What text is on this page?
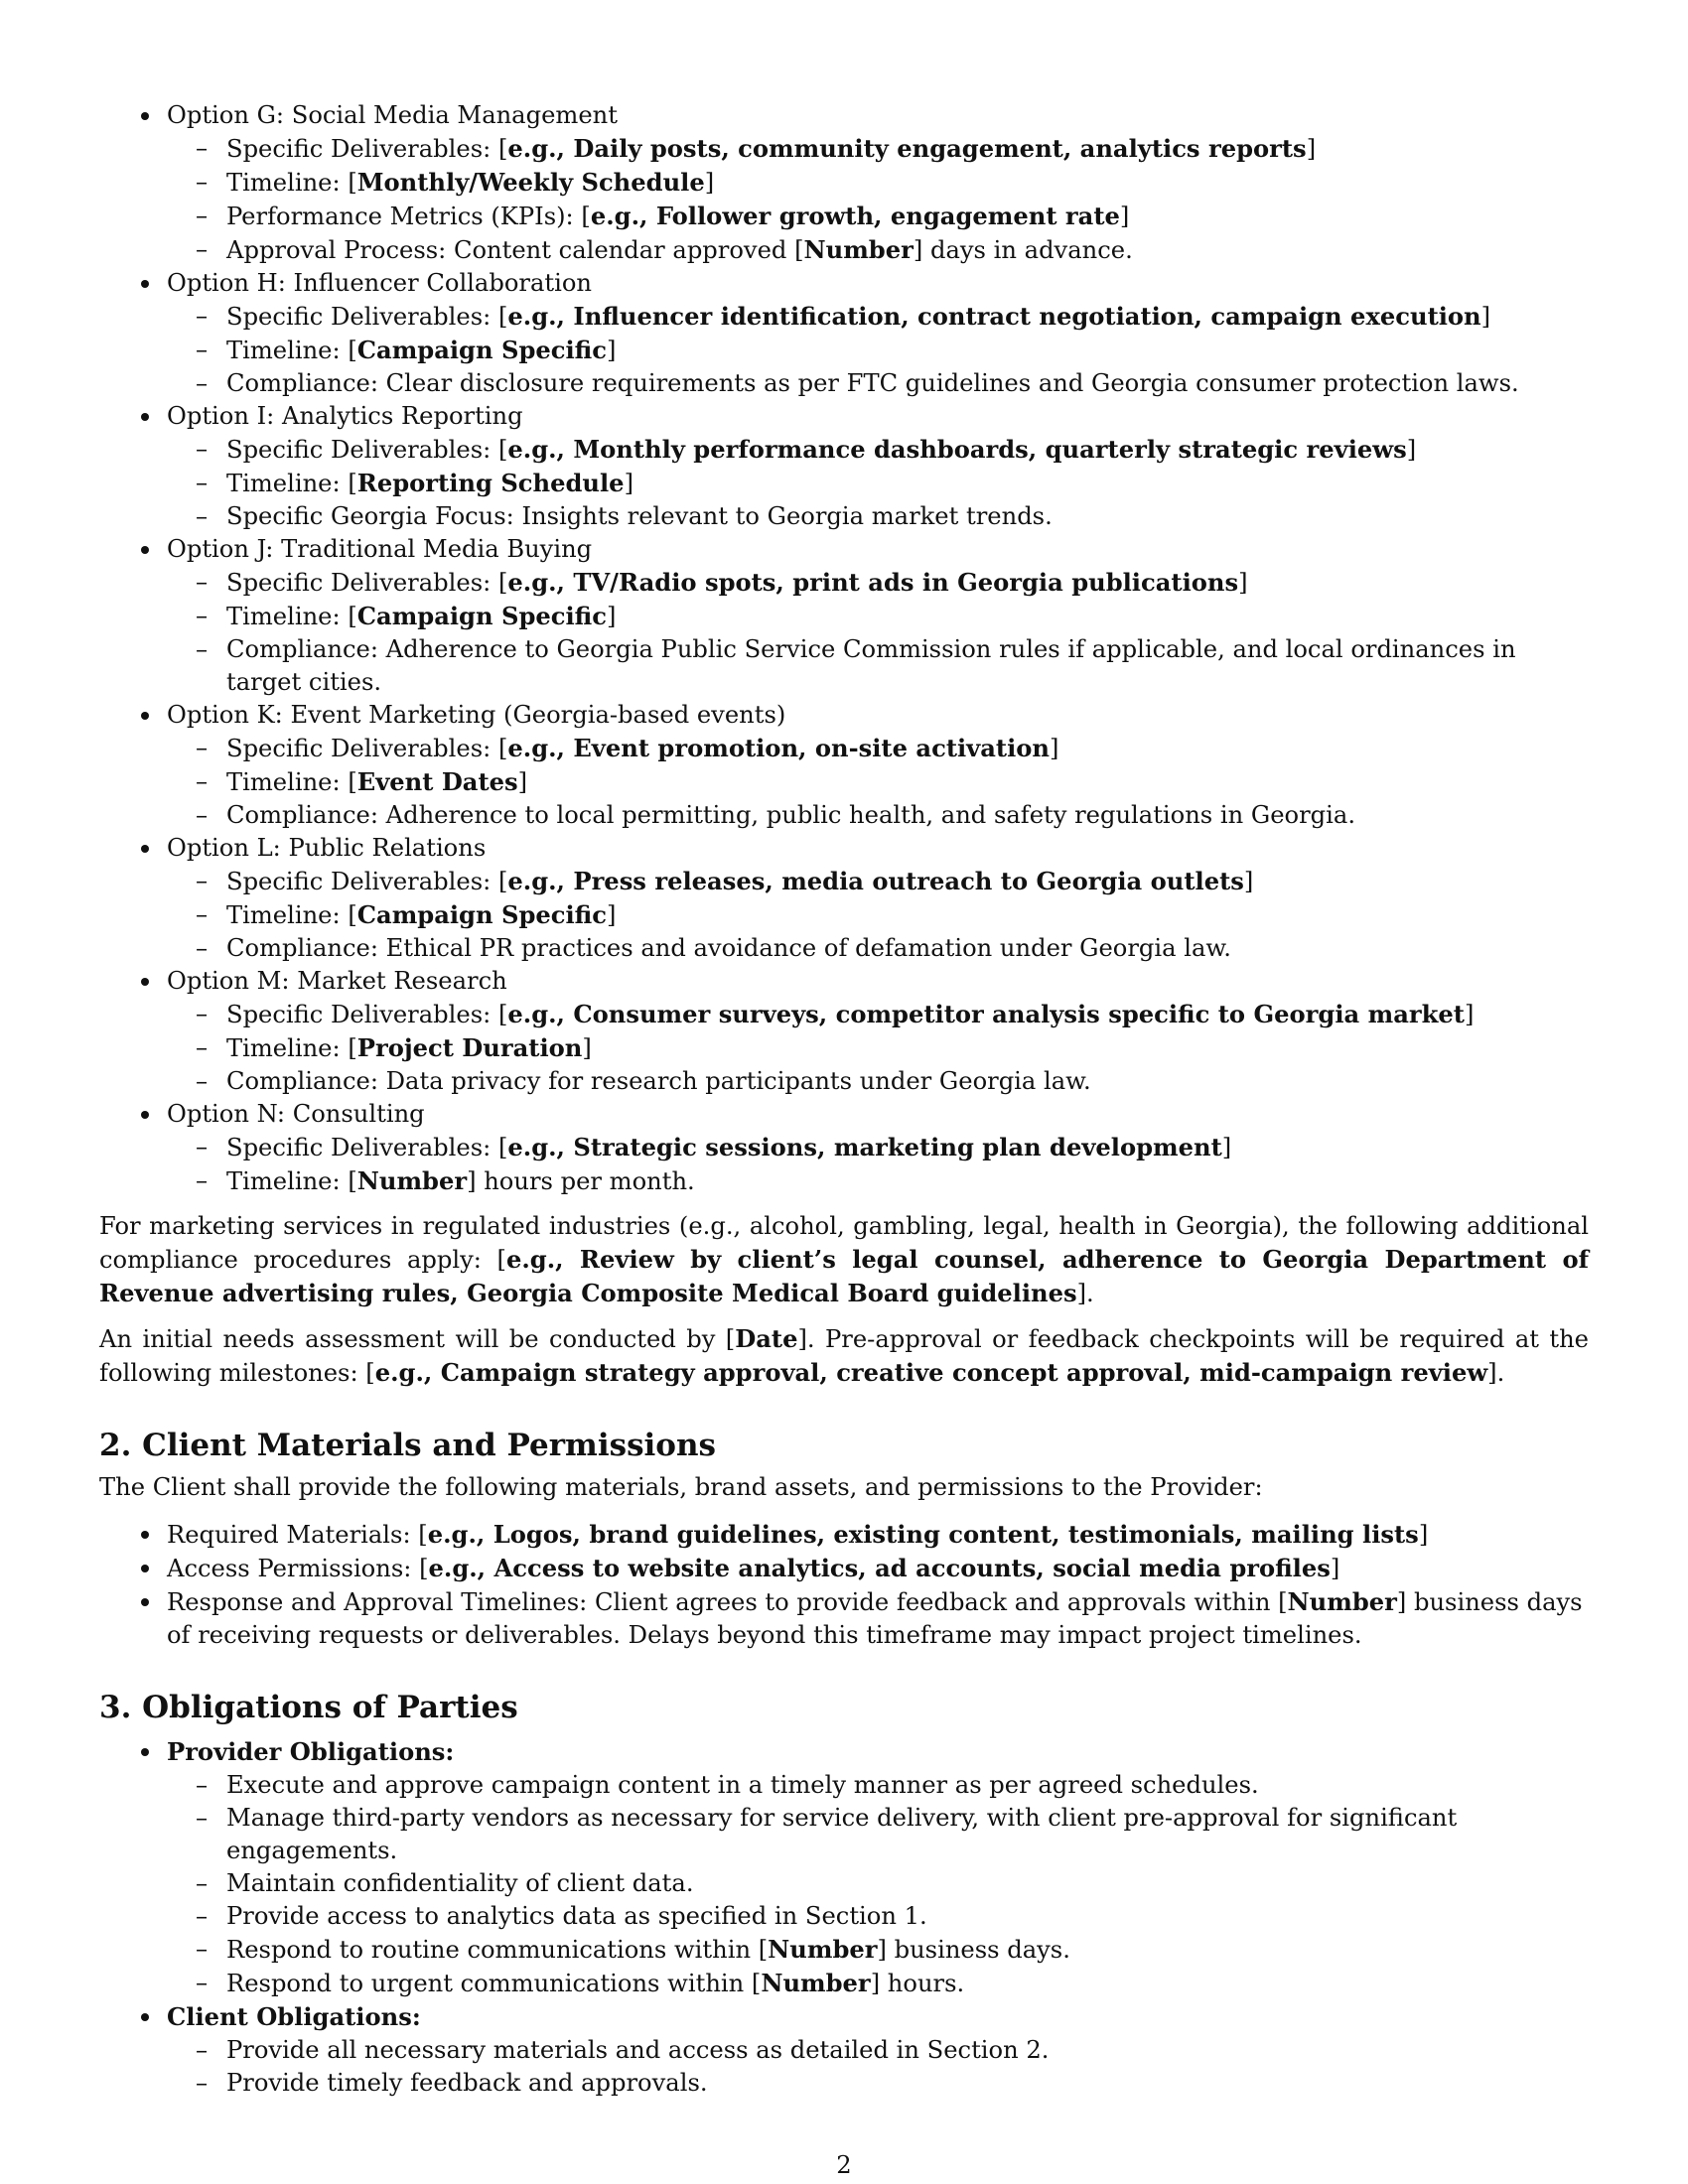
Option G: Social Media Management
– Specific Deliverables: [e.g., Daily posts, community engagement, analytics reports]
– Timeline: [Monthly/Weekly Schedule]
– Performance Metrics (KPIs): [e.g., Follower growth, engagement rate]
– Approval Process: Content calendar approved [Number] days in advance.
Option H: Influencer Collaboration
– Specific Deliverables: [e.g., Influencer identification, contract negotiation, campaign execution]
– Timeline: [Campaign Specific]
– Compliance: Clear disclosure requirements as per FTC guidelines and Georgia consumer protection laws.
Option I: Analytics Reporting
– Specific Deliverables: [e.g., Monthly performance dashboards, quarterly strategic reviews]
– Timeline: [Reporting Schedule]
– Specific Georgia Focus: Insights relevant to Georgia market trends.
Option J: Traditional Media Buying
– Specific Deliverables: [e.g., TV/Radio spots, print ads in Georgia publications]
– Timeline: [Campaign Specific]
– Compliance: Adherence to Georgia Public Service Commission rules if applicable, and local ordinances in target cities.
Option K: Event Marketing (Georgia-based events)
– Specific Deliverables: [e.g., Event promotion, on-site activation]
– Timeline: [Event Dates]
– Compliance: Adherence to local permitting, public health, and safety regulations in Georgia.
Option L: Public Relations
– Specific Deliverables: [e.g., Press releases, media outreach to Georgia outlets]
– Timeline: [Campaign Specific]
– Compliance: Ethical PR practices and avoidance of defamation under Georgia law.
Option M: Market Research
– Specific Deliverables: [e.g., Consumer surveys, competitor analysis specific to Georgia market]
– Timeline: [Project Duration]
– Compliance: Data privacy for research participants under Georgia law.
Option N: Consulting
– Specific Deliverables: [e.g., Strategic sessions, marketing plan development]
– Timeline: [Number] hours per month.

For marketing services in regulated industries (e.g., alcohol, gambling, legal, health in Georgia), the following additional compliance procedures apply: [e.g., Review by client’s legal counsel, adherence to Georgia Department of Revenue advertising rules, Georgia Composite Medical Board guidelines].

An initial needs assessment will be conducted by [Date]. Pre-approval or feedback checkpoints will be required at the following milestones: [e.g., Campaign strategy approval, creative concept approval, mid-campaign review].

2. Client Materials and Permissions

The Client shall provide the following materials, brand assets, and permissions to the Provider:

Required Materials: [e.g., Logos, brand guidelines, existing content, testimonials, mailing lists]
Access Permissions: [e.g., Access to website analytics, ad accounts, social media profiles]
Response and Approval Timelines: Client agrees to provide feedback and approvals within [Number] business days of receiving requests or deliverables. Delays beyond this timeframe may impact project timelines.
3. Obligations of Parties
Provider Obligations:
– Execute and approve campaign content in a timely manner as per agreed schedules.
– Manage third-party vendors as necessary for service delivery, with client pre-approval for significant engagements.
– Maintain confidentiality of client data.
– Provide access to analytics data as specified in Section 1.
– Respond to routine communications within [Number] business days.
– Respond to urgent communications within [Number] hours.
Client Obligations:
– Provide all necessary materials and access as detailed in Section 2.
– Provide timely feedback and approvals.
2
